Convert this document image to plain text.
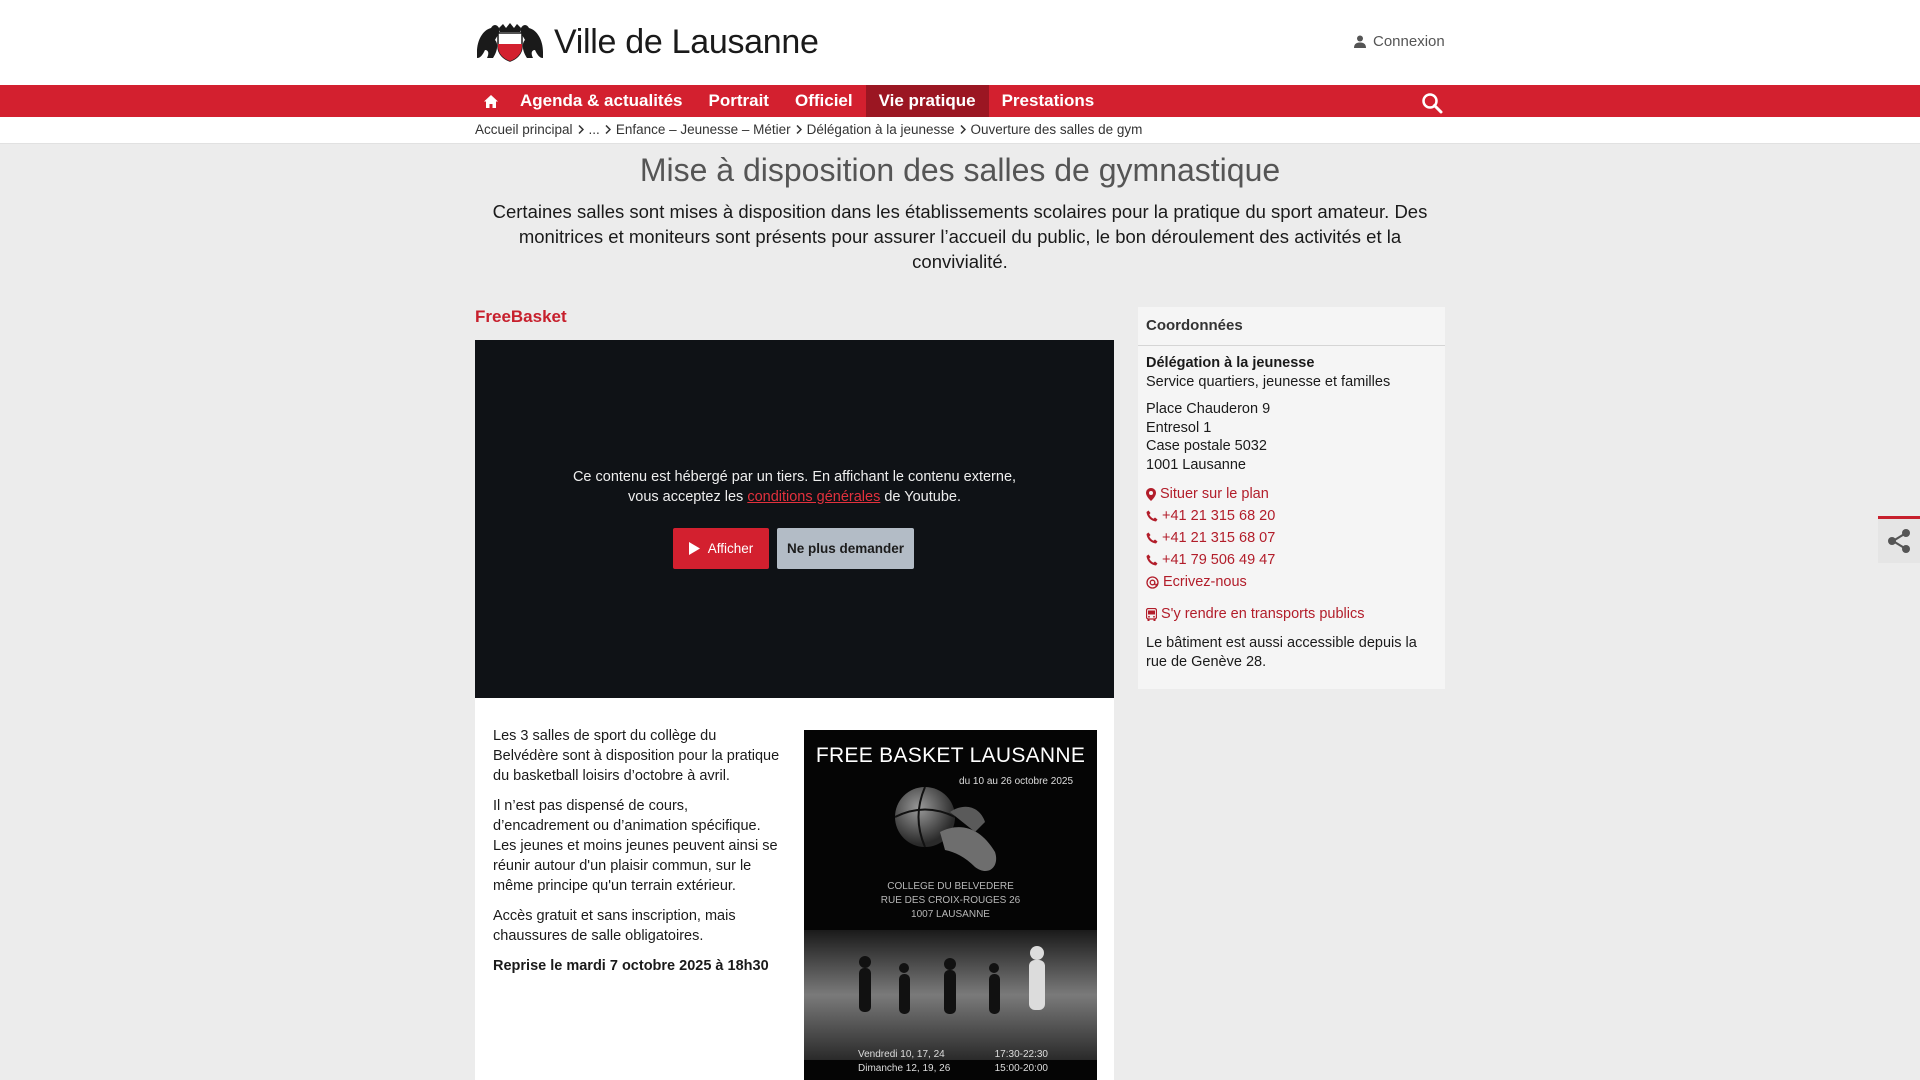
Ville de Lausanne	Connexion
Agenda & actualités	Portrait	Officiel	Vie pratique	Prestations
Accueil principal ... Enfance – Jeunesse – Métier Délégation à la jeunesse Ouverture des salles de gym
Mise à disposition des salles de gymnastique

Certaines salles sont mises à disposition dans les établissements scolaires pour la pratique du sport amateur. Des monitrices et moniteurs sont présents pour assurer l’accueil du public, le bon déroulement des activités et la convivialité.

FreeBasket
Ce contenu est hébergé par un tiers. En affichant le contenu externe,
vous acceptez les conditions générales de Youtube.
Afficher	Ne plus demander

Les 3 salles de sport du collège du Belvédère sont à disposition pour la pratique du basketball loisirs d’octobre à avril.

Il n’est pas dispensé de cours, d’encadrement ou d’animation spécifique. Les jeunes et moins jeunes peuvent ainsi se réunir autour d'un plaisir commun, sur le même principe qu'un terrain extérieur.

Accès gratuit et sans inscription, mais chaussures de salle obligatoires.

Reprise le mardi 7 octobre 2025 à 18h30

FREE BASKET LAUSANNE
du 10 au 26 octobre 2025
COLLEGE DU BELVEDERE
RUE DES CROIX-ROUGES 26
1007 LAUSANNE
Vendredi 10, 17, 24	17:30-22:30
Dimanche 12, 19, 26	15:00-20:00
Coordonnées
Délégation à la jeunesse
Service quartiers, jeunesse et familles
Place Chauderon 9
Entresol 1
Case postale 5032
1001 Lausanne
Situer sur le plan
+41 21 315 68 20
+41 21 315 68 07
+41 79 506 49 47
Ecrivez-nous
S'y rendre en transports publics
Le bâtiment est aussi accessible depuis la rue de Genève 28.
